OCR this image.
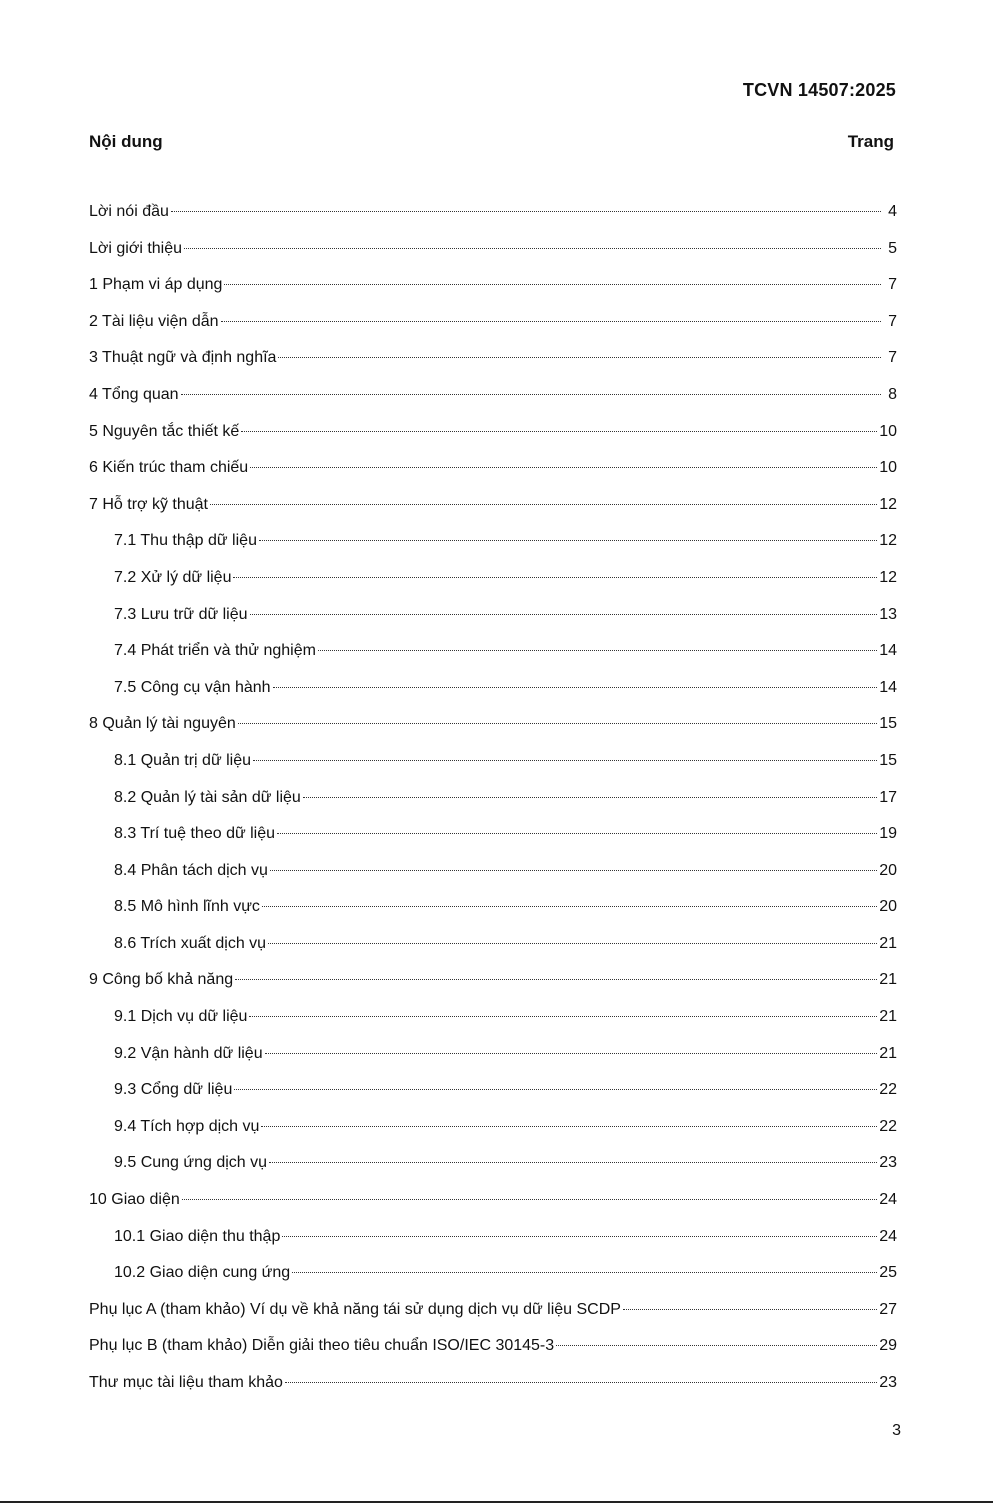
TCVN 14507:2025
Nội dung	Trang
Lời nói đầu	4
Lời giới thiệu	5
1 Phạm vi áp dụng	7
2 Tài liệu viện dẫn	7
3 Thuật ngữ và định nghĩa	7
4 Tổng quan	8
5 Nguyên tắc thiết kế	10
6 Kiến trúc tham chiếu	10
7 Hỗ trợ kỹ thuật	12
7.1 Thu thập dữ liệu	12
7.2 Xử lý dữ liệu	12
7.3 Lưu trữ dữ liệu	13
7.4 Phát triển và thử nghiệm	14
7.5 Công cụ vận hành	14
8 Quản lý tài nguyên	15
8.1 Quản trị dữ liệu	15
8.2 Quản lý tài sản dữ liệu	17
8.3 Trí tuệ theo dữ liệu	19
8.4 Phân tách dịch vụ	20
8.5 Mô hình lĩnh vực	20
8.6 Trích xuất dịch vụ	21
9 Công bố khả năng	21
9.1 Dịch vụ dữ liệu	21
9.2 Vận hành dữ liệu	21
9.3 Cổng dữ liệu	22
9.4 Tích hợp dịch vụ	22
9.5 Cung ứng dịch vụ	23
10 Giao diện	24
10.1 Giao diện thu thập	24
10.2 Giao diện cung ứng	25
Phụ lục A (tham khảo) Ví dụ về khả năng tái sử dụng dịch vụ dữ liệu SCDP	27
Phụ lục B (tham khảo) Diễn giải theo tiêu chuẩn ISO/IEC 30145-3	29
Thư mục tài liệu tham khảo	23
3
